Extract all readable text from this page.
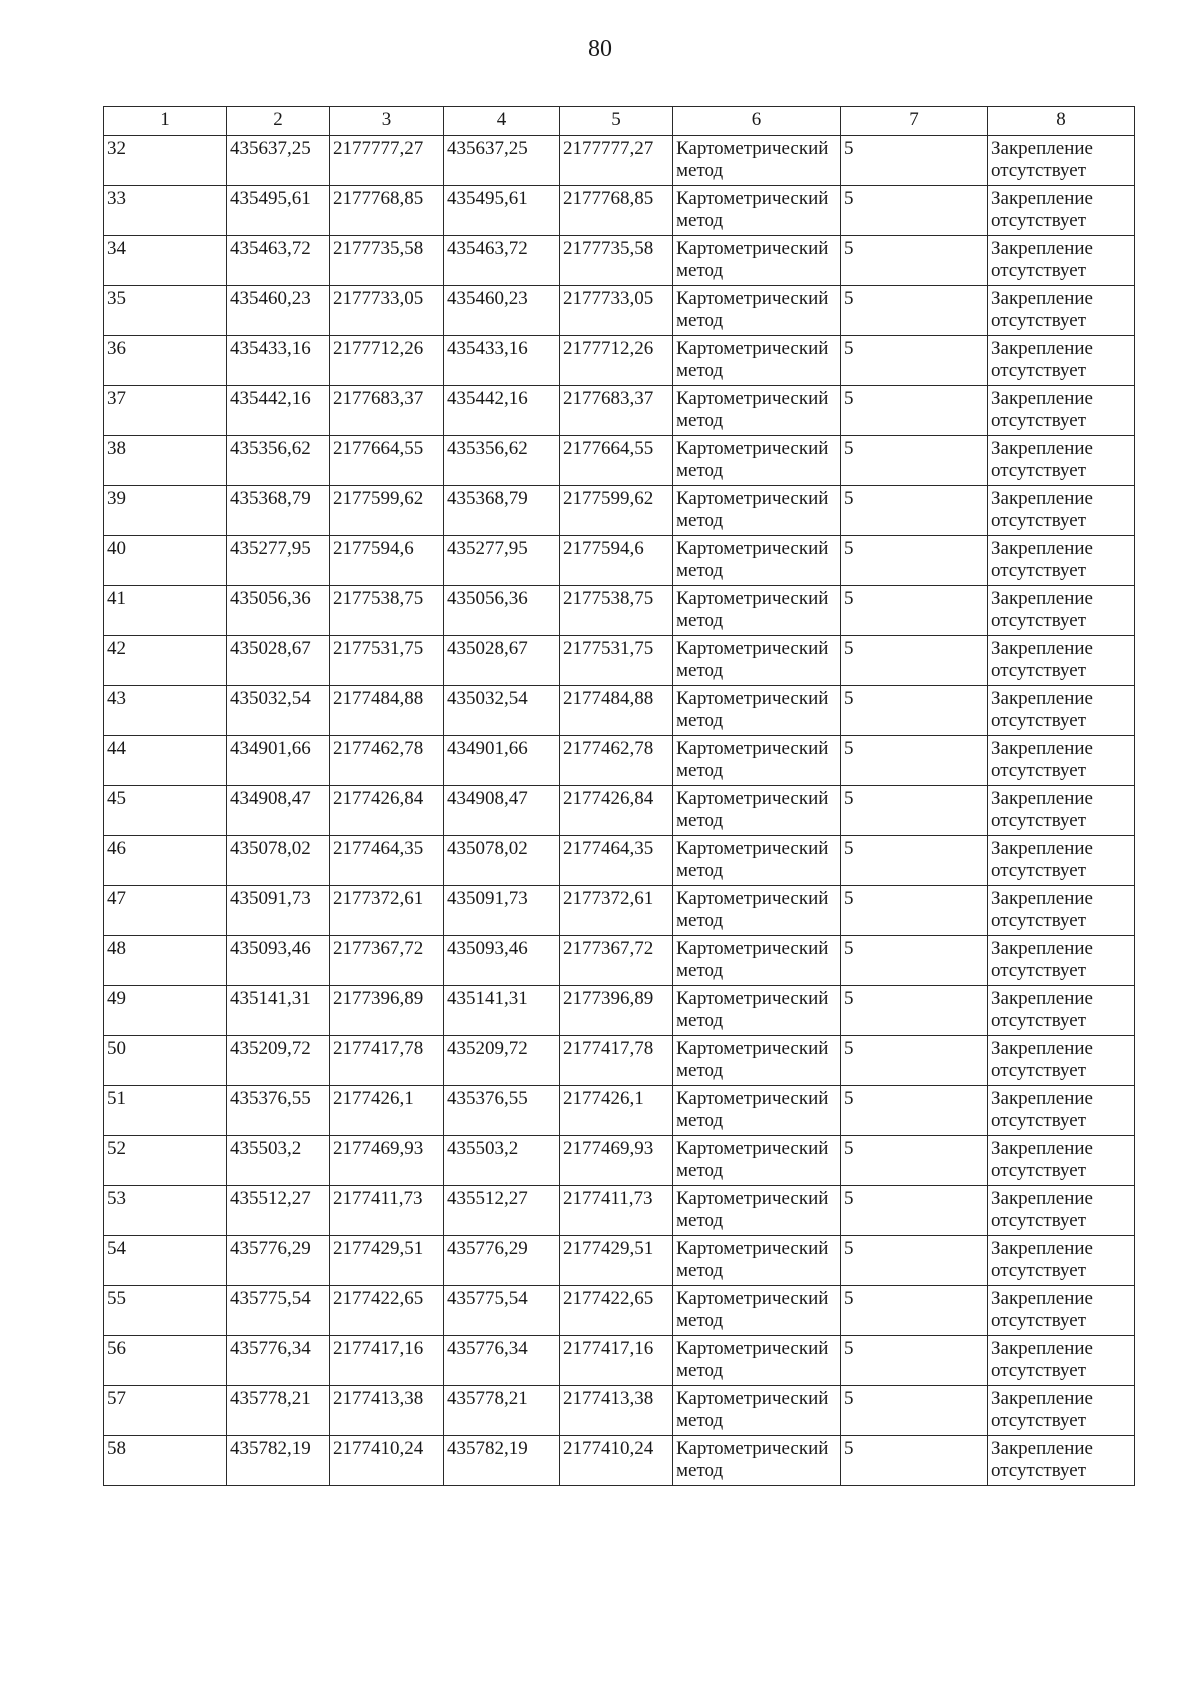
80
1	2	3	4	5	6	7	8
32	435637,25	2177777,27	435637,25	2177777,27	Картометрический метод	5	Закрепление отсутствует
33	435495,61	2177768,85	435495,61	2177768,85	Картометрический метод	5	Закрепление отсутствует
34	435463,72	2177735,58	435463,72	2177735,58	Картометрический метод	5	Закрепление отсутствует
35	435460,23	2177733,05	435460,23	2177733,05	Картометрический метод	5	Закрепление отсутствует
36	435433,16	2177712,26	435433,16	2177712,26	Картометрический метод	5	Закрепление отсутствует
37	435442,16	2177683,37	435442,16	2177683,37	Картометрический метод	5	Закрепление отсутствует
38	435356,62	2177664,55	435356,62	2177664,55	Картометрический метод	5	Закрепление отсутствует
39	435368,79	2177599,62	435368,79	2177599,62	Картометрический метод	5	Закрепление отсутствует
40	435277,95	2177594,6	435277,95	2177594,6	Картометрический метод	5	Закрепление отсутствует
41	435056,36	2177538,75	435056,36	2177538,75	Картометрический метод	5	Закрепление отсутствует
42	435028,67	2177531,75	435028,67	2177531,75	Картометрический метод	5	Закрепление отсутствует
43	435032,54	2177484,88	435032,54	2177484,88	Картометрический метод	5	Закрепление отсутствует
44	434901,66	2177462,78	434901,66	2177462,78	Картометрический метод	5	Закрепление отсутствует
45	434908,47	2177426,84	434908,47	2177426,84	Картометрический метод	5	Закрепление отсутствует
46	435078,02	2177464,35	435078,02	2177464,35	Картометрический метод	5	Закрепление отсутствует
47	435091,73	2177372,61	435091,73	2177372,61	Картометрический метод	5	Закрепление отсутствует
48	435093,46	2177367,72	435093,46	2177367,72	Картометрический метод	5	Закрепление отсутствует
49	435141,31	2177396,89	435141,31	2177396,89	Картометрический метод	5	Закрепление отсутствует
50	435209,72	2177417,78	435209,72	2177417,78	Картометрический метод	5	Закрепление отсутствует
51	435376,55	2177426,1	435376,55	2177426,1	Картометрический метод	5	Закрепление отсутствует
52	435503,2	2177469,93	435503,2	2177469,93	Картометрический метод	5	Закрепление отсутствует
53	435512,27	2177411,73	435512,27	2177411,73	Картометрический метод	5	Закрепление отсутствует
54	435776,29	2177429,51	435776,29	2177429,51	Картометрический метод	5	Закрепление отсутствует
55	435775,54	2177422,65	435775,54	2177422,65	Картометрический метод	5	Закрепление отсутствует
56	435776,34	2177417,16	435776,34	2177417,16	Картометрический метод	5	Закрепление отсутствует
57	435778,21	2177413,38	435778,21	2177413,38	Картометрический метод	5	Закрепление отсутствует
58	435782,19	2177410,24	435782,19	2177410,24	Картометрический метод	5	Закрепление отсутствует
